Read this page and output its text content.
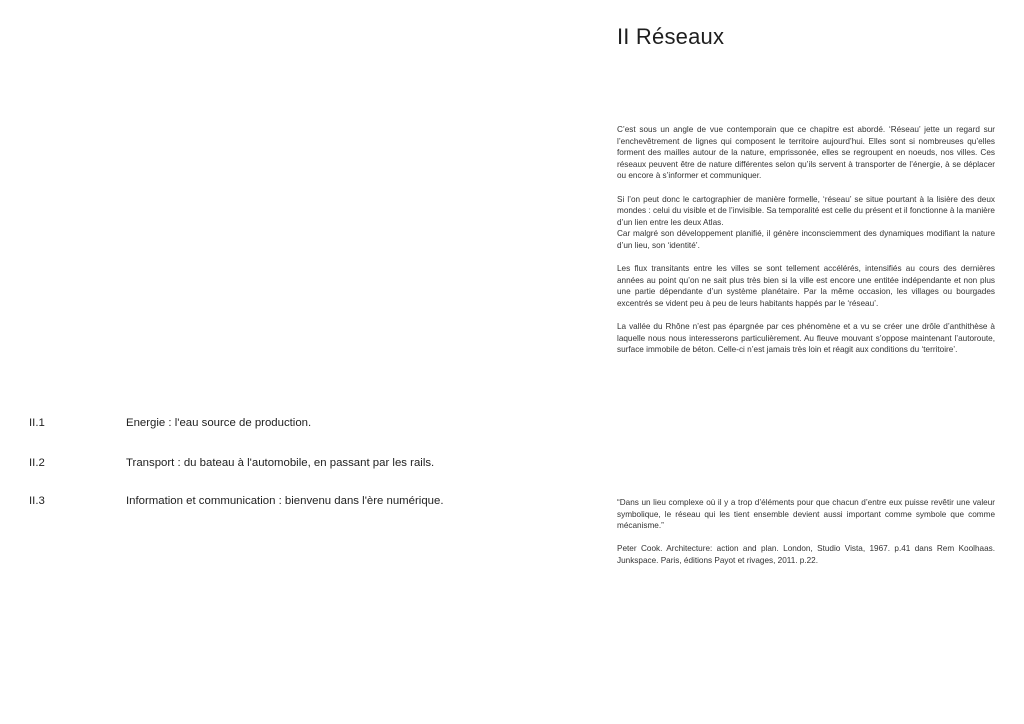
II Réseaux
II.1	Energie : l'eau source de production.
II.2	Transport : du bateau à l'automobile, en passant par les rails.
II.3	Information et communication : bienvenu dans l'ère numérique.

C’est sous un angle de vue contemporain que ce chapitre est abordé. ‘Réseau’ jette un regard sur l’enchevêtrement de lignes qui composent le territoire aujourd’hui. Elles sont si nombreuses qu’elles forment des mailles autour de la nature, emprissonée, elles se regroupent en noeuds, nos villes. Ces réseaux peuvent être de nature différentes selon qu’ils servent à transporter de l’énergie, à se déplacer ou encore à s’informer et communiquer.

Si l’on peut donc le cartographier de manière formelle, ‘réseau’ se situe pourtant à la lisière des deux mondes : celui du visible et de l’invisible. Sa temporalité est celle du présent et il fonctionne à la manière d’un lien entre les deux Atlas.

Car malgré son développement planifié, il génère inconsciemment des dynamiques modifiant la nature d’un lieu, son ‘identité’.

Les flux transitants entre les villes se sont tellement accélérés, intensifiés au cours des dernières années au point qu’on ne sait plus très bien si la ville est encore une entitée indépendante et non plus une partie dépendante d’un système planétaire. Par la même occasion, les villages ou bourgades excentrés se vident peu à peu de leurs habitants happés par le ‘réseau’.

La vallée du Rhône n’est pas épargnée par ces phénomène et a vu se créer une drôle d’anthithèse à laquelle nous nous interesserons particulièrement. Au fleuve mouvant s’oppose maintenant l’autoroute, surface immobile de béton. Celle-ci n’est jamais très loin et réagit aux conditions du ‘territoire’.

“Dans un lieu complexe où il y a trop d’éléments pour que chacun d’entre eux puisse revêtir une valeur symbolique, le réseau qui les tient ensemble devient aussi important comme symbole que comme mécanisme.”

Peter Cook. Architecture: action and plan. London, Studio Vista, 1967. p.41 dans Rem Koolhaas. Junkspace. Paris, éditions Payot et rivages, 2011. p.22.
